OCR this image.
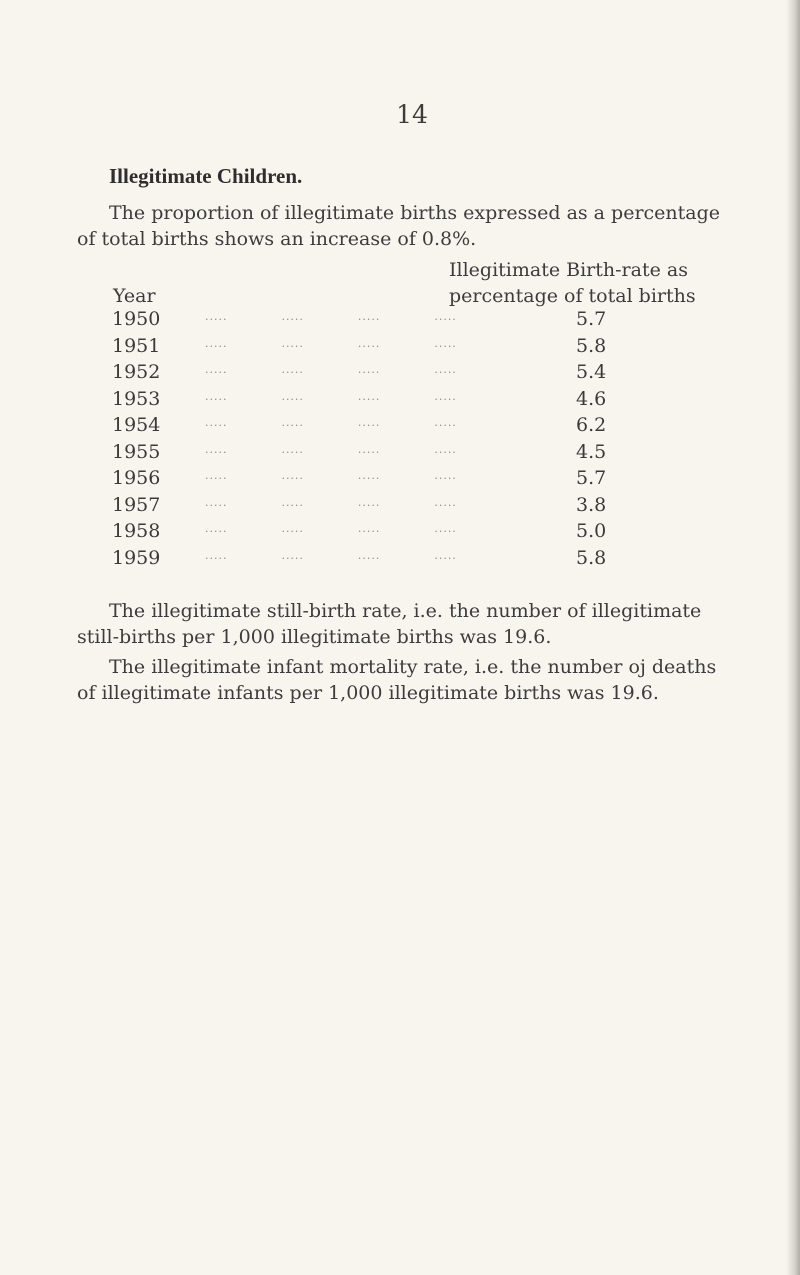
14
Illegitimate Children.
The proportion of illegitimate births expressed as a percentage of total births shows an increase of 0.8%.
Year
Illegitimate Birth-rate as
percentage of total births
1950	.....            .....            .....            .....	5.7
1951	.....            .....            .....            .....	5.8
1952	.....            .....            .....            .....	5.4
1953	.....            .....            .....            .....	4.6
1954	.....            .....            .....            .....	6.2
1955	.....            .....            .....            .....	4.5
1956	.....            .....            .....            .....	5.7
1957	.....            .....            .....            .....	3.8
1958	.....            .....            .....            .....	5.0
1959	.....            .....            .....            .....	5.8
The illegitimate still-birth rate, i.e. the number of illegitimate still-births per 1,000 illegitimate births was 19.6.
The illegitimate infant mortality rate, i.e. the number oj deaths of illegitimate infants per 1,000 illegitimate births was 19.6.
